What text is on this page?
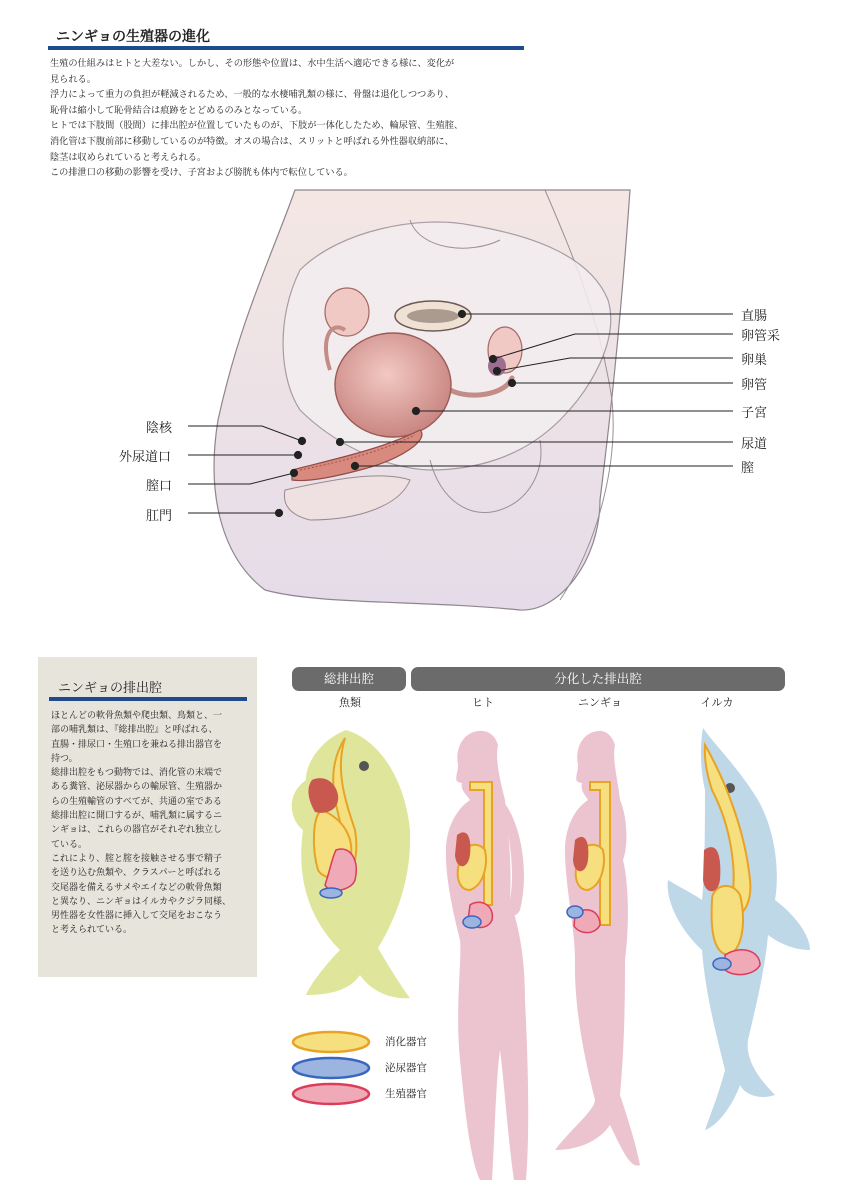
ニンギョの生殖器の進化

生殖の仕組みはヒトと大差ない。しかし、その形態や位置は、水中生活へ適応できる様に、変化が

見られる。

浮力によって重力の負担が軽減されるため、一般的な水棲哺乳類の様に、骨盤は退化しつつあり、

恥骨は縮小して恥骨結合は痕跡をとどめるのみとなっている。

ヒトでは下肢間（股間）に排出腔が位置していたものが、下肢が一体化したため、輪尿管、生殖腟、

消化管は下腹前部に移動しているのが特徴。オスの場合は、スリットと呼ばれる外性器収納部に、

陰茎は収められていると考えられる。

この排泄口の移動の影響を受け、子宮および膀胱も体内で転位している。

直腸
卵管采
卵巣
卵管
子宮
尿道
膣
陰核
外尿道口
膣口
肛門
ニンギョの排出腔

ほとんどの軟骨魚類や爬虫類、鳥類と、一

部の哺乳類は、『総排出腔』と呼ばれる、

直腸・排尿口・生殖口を兼ねる排出器官を

持つ。

総排出腔をもつ動物では、消化管の末端で

ある糞管、泌尿器からの輸尿管、生殖器か

らの生殖輸管のすべてが、共通の室である

総排出腔に開口するが、哺乳類に属するニ

ンギョは、これらの器官がそれぞれ独立し

ている。

これにより、腟と腟を接触させる事で精子

を送り込む魚類や、クラスパーと呼ばれる

交尾器を備えるサメやエイなどの軟骨魚類

と異なり、ニンギョはイルカやクジラ同様、

男性器を女性器に挿入して交尾をおこなう

と考えられている。

総排出腔	分化した排出腔
魚類	ヒト	ニンギョ	イルカ
消化器官
泌尿器官
生殖器官
